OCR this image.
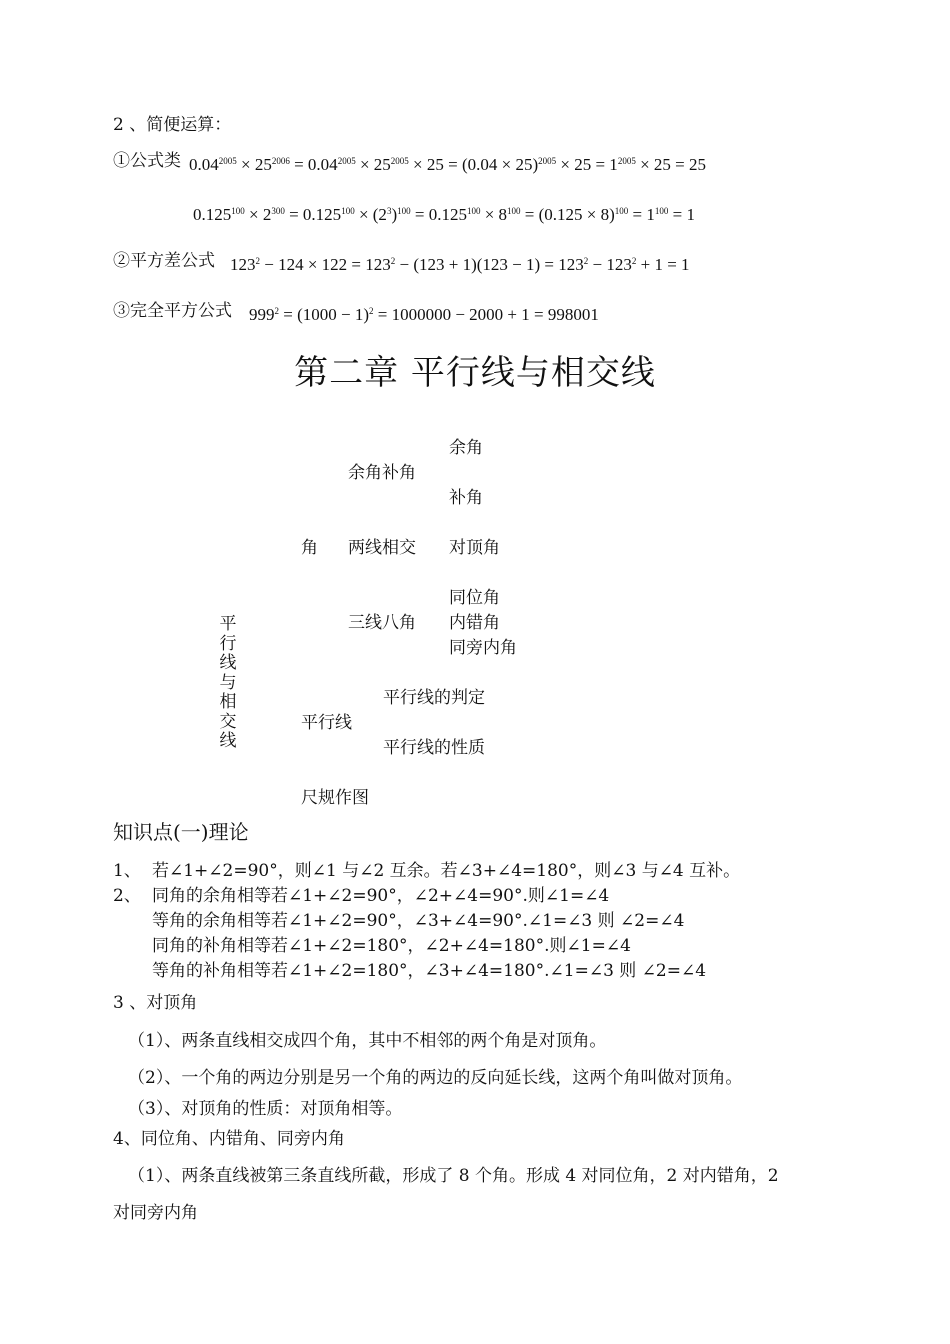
2 、简便运算：
①公式类 $0.04^{2005} \times 25^{2006} = 0.04^{2005} \times 25^{2005} \times 25 = (0.04 \times 25)^{2005} \times 25 = 1^{2005} \times 25 = 25$
$0.125^{100} \times 2^{300} = 0.125^{100} \times (2^3)^{100} = 0.125^{100} \times 8^{100} = (0.125 \times 8)^{100} = 1^{100} = 1$
②平方差公式 $123^2 - 124 \times 122 = 123^2 - (123 + 1)(123 - 1) = 123^2 - 123^2 + 1 = 1$
③完全平方公式 $999^2 = (1000 - 1)^2 = 1000000 - 2000 + 1 = 998001$
第二章 平行线与相交线
平行线与相交线
角
余角补角
余角
补角
两线相交 对顶角
三线八角
同位角
内错角
同旁内角
平行线
平行线的判定
平行线的性质
尺规作图
知识点(一)理论
1、 若∠1+∠2=90°，则∠1 与∠2 互余。若∠3+∠4=180°，则∠3 与∠4 互补。
2、 同角的余角相等若∠1+∠2=90°，∠2+∠4=90°.则∠1=∠4
等角的余角相等若∠1+∠2=90°，∠3+∠4=90°.∠1=∠3 则 ∠2=∠4
同角的补角相等若∠1+∠2=180°，∠2+∠4=180°.则∠1=∠4
等角的补角相等若∠1+∠2=180°，∠3+∠4=180°.∠1=∠3 则 ∠2=∠4
3 、对顶角
（1）、两条直线相交成四个角，其中不相邻的两个角是对顶角。
（2）、一个角的两边分别是另一个角的两边的反向延长线，这两个角叫做对顶角。
（3）、对顶角的性质：对顶角相等。
4、同位角、内错角、同旁内角
（1）、两条直线被第三条直线所截，形成了 8 个角。形成 4 对同位角，2 对内错角，2
对同旁内角
